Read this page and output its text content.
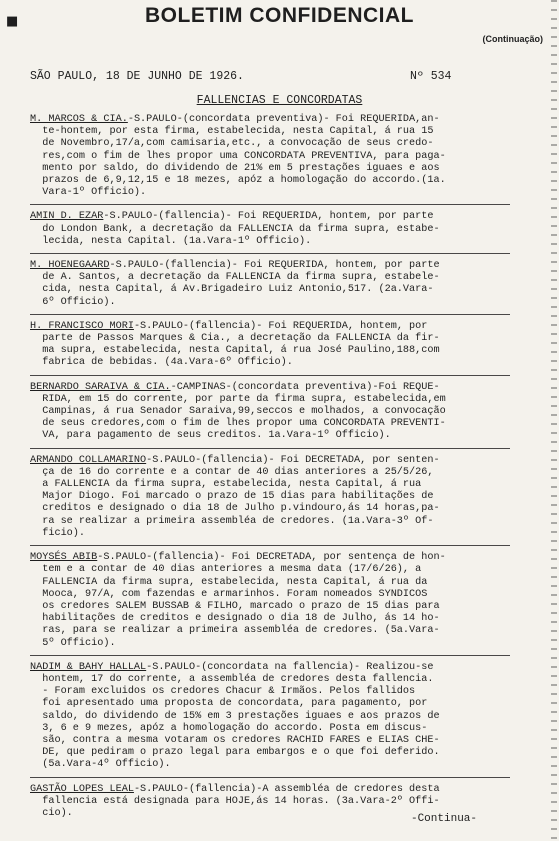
■	BOLETIM CONFIDENCIAL
(Continuação)
SÃO PAULO, 18 DE JUNHO DE 1926.	Nº 534
FALLENCIAS E CONCORDATAS

M. MARCOS & CIA.-S.PAULO-(concordata preventiva)- Foi REQUERIDA,an-

te-hontem, por esta firma, estabelecida, nesta Capital, á rua 15

de Novembro,17/a,com camisaria,etc., a convocação de seus credo-

res,com o fim de lhes propor uma CONCORDATA PREVENTIVA, para paga-

mento por saldo, do dividendo de 21% em 5 prestações iguaes e aos

prazos de 6,9,12,15 e 18 mezes, apóz a homologação do accordo.(1a.

Vara-1º Officio).

AMIN D. EZAR-S.PAULO-(fallencia)- Foi REQUERIDA, hontem, por parte

do London Bank, a decretação da FALLENCIA da firma supra, estabe-

lecida, nesta Capital. (1a.Vara-1º Officio).

M. HOENEGAARD-S.PAULO-(fallencia)- Foi REQUERIDA, hontem, por parte

de A. Santos, a decretação da FALLENCIA da firma supra, estabele-

cida, nesta Capital, á Av.Brigadeiro Luiz Antonio,517. (2a.Vara-

6º Officio).

H. FRANCISCO MORI-S.PAULO-(fallencia)- Foi REQUERIDA, hontem, por

parte de Passos Marques & Cia., a decretação da FALLENCIA da fir-

ma supra, estabelecida, nesta Capital, á rua José Paulino,188,com

fabrica de bebidas. (4a.Vara-6º Officio).

BERNARDO SARAIVA & CIA.-CAMPINAS-(concordata preventiva)-Foi REQUE-

RIDA, em 15 do corrente, por parte da firma supra, estabelecida,em

Campinas, á rua Senador Saraiva,99,seccos e molhados, a convocação

de seus credores,com o fim de lhes propor uma CONCORDATA PREVENTI-

VA, para pagamento de seus creditos. 1a.Vara-1º Officio).

ARMANDO COLLAMARINO-S.PAULO-(fallencia)- Foi DECRETADA, por senten-

ça de 16 do corrente e a contar de 40 dias anteriores a 25/5/26,

a FALLENCIA da firma supra, estabelecida, nesta Capital, á rua

Major Diogo. Foi marcado o prazo de 15 dias para habilitações de

creditos e designado o dia 18 de Julho p.vindouro,ás 14 horas,pa-

ra se realizar a primeira assembléa de credores. (1a.Vara-3º Of-

ficio).

MOYSÉS ABIB-S.PAULO-(fallencia)- Foi DECRETADA, por sentença de hon-

tem e a contar de 40 dias anteriores a mesma data (17/6/26), a

FALLENCIA da firma supra, estabelecida, nesta Capital, á rua da

Mooca, 97/A, com fazendas e armarinhos. Foram nomeados SYNDICOS

os credores SALEM BUSSAB & FILHO, marcado o prazo de 15 dias para

habilitações de creditos e designado o dia 18 de Julho, ás 14 ho-

ras, para se realizar a primeira assembléa de credores. (5a.Vara-

5º Officio).

NADIM & BAHY HALLAL-S.PAULO-(concordata na fallencia)- Realizou-se

hontem, 17 do corrente, a assembléa de credores desta fallencia.

- Foram excluidos os credores Chacur & Irmãos. Pelos fallidos

foi apresentado uma proposta de concordata, para pagamento, por

saldo, do dividendo de 15% em 3 prestações iguaes e aos prazos de

3, 6 e 9 mezes, apóz a homologação do accordo. Posta em discus-

são, contra a mesma votaram os credores RACHID FARES e ELIAS CHE-

DE, que pediram o prazo legal para embargos e o que foi deferido.

(5a.Vara-4º Officio).

GASTÃO LOPES LEAL-S.PAULO-(fallencia)-A assembléa de credores desta

fallencia está designada para HOJE,ás 14 horas. (3a.Vara-2º Offi-

cio).	-Continua-
